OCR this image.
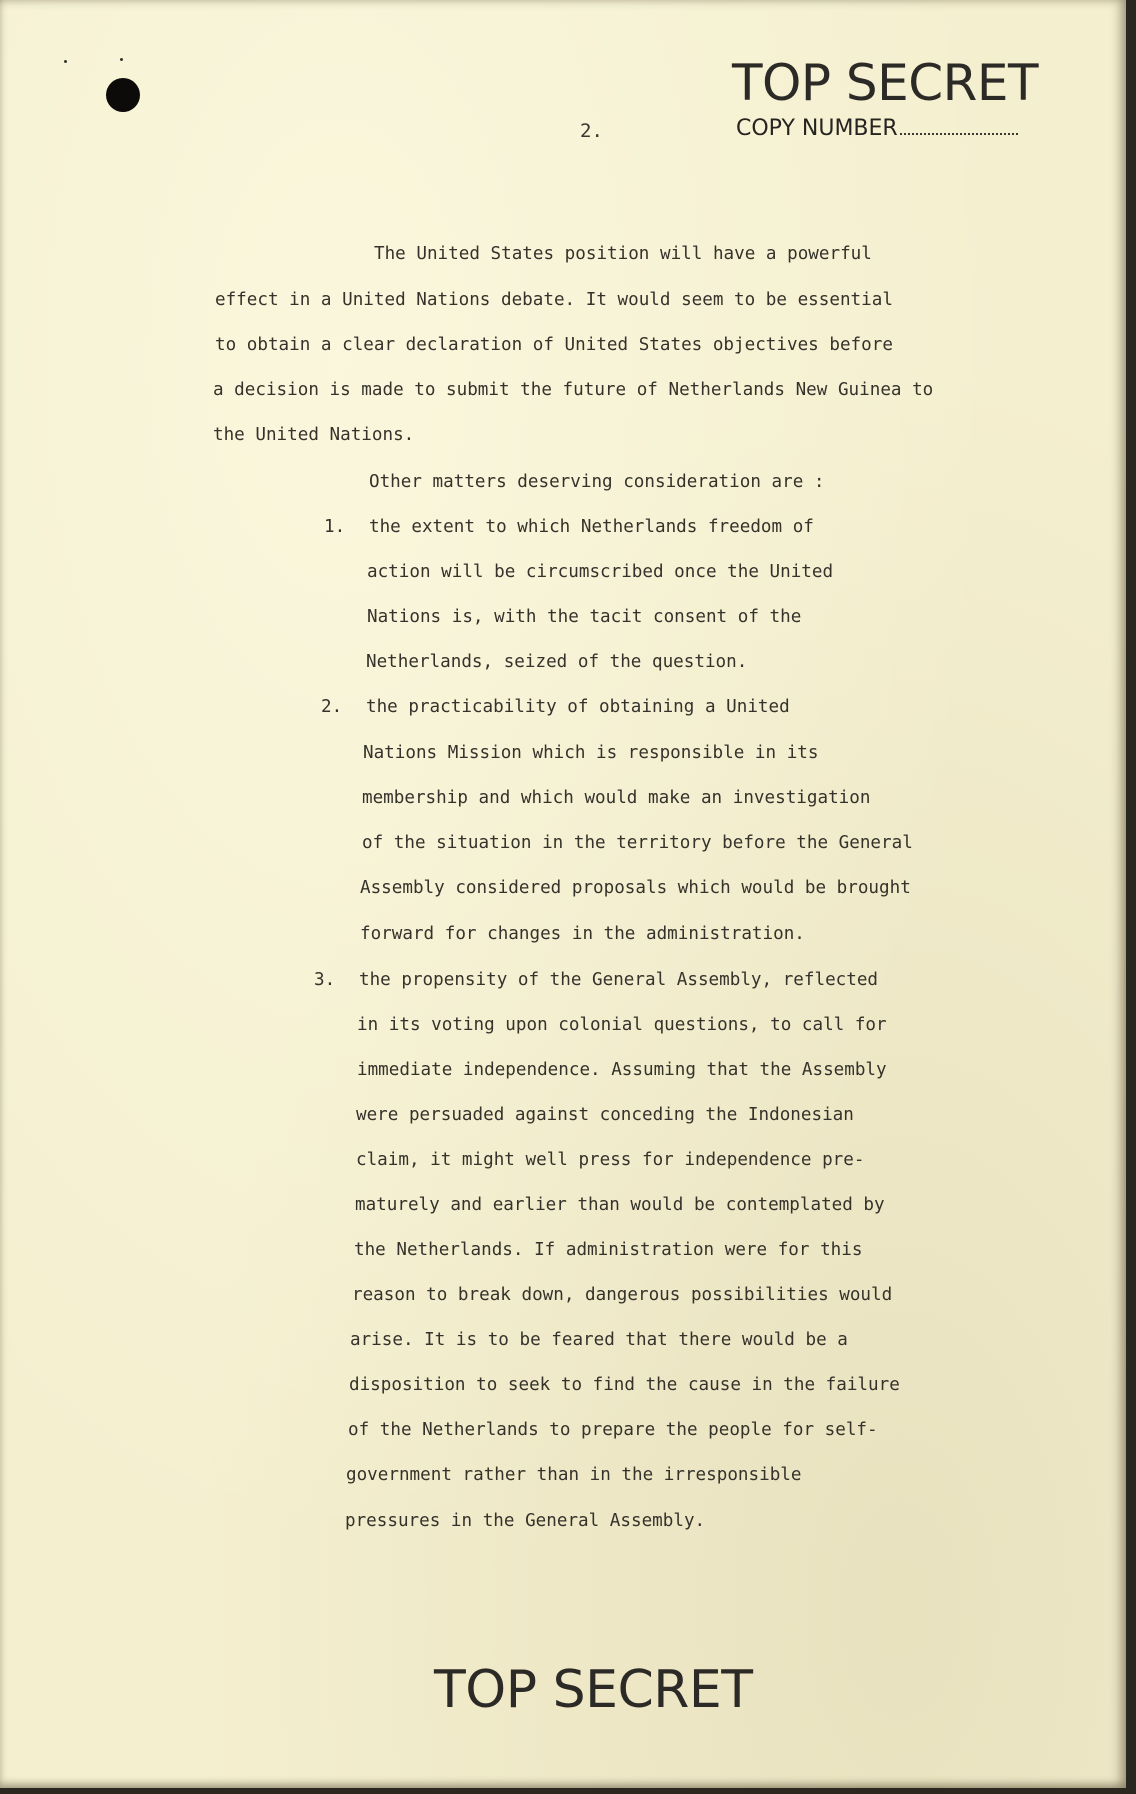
TOP SECRET
2.	COPY NUMBER
The United States position will have a powerful
effect in a United Nations debate. It would seem to be essential
to obtain a clear declaration of United States objectives before
a decision is made to submit the future of Netherlands New Guinea to
the United Nations.
Other matters deserving consideration are :
1. the extent to which Netherlands freedom of
action will be circumscribed once the United
Nations is, with the tacit consent of the
Netherlands, seized of the question.
2. the practicability of obtaining a United
Nations Mission which is responsible in its
membership and which would make an investigation
of the situation in the territory before the General
Assembly considered proposals which would be brought
forward for changes in the administration.
3. the propensity of the General Assembly, reflected
in its voting upon colonial questions, to call for
immediate independence. Assuming that the Assembly
were persuaded against conceding the Indonesian
claim, it might well press for independence pre-
maturely and earlier than would be contemplated by
the Netherlands. If administration were for this
reason to break down, dangerous possibilities would
arise. It is to be feared that there would be a
disposition to seek to find the cause in the failure
of the Netherlands to prepare the people for self-
government rather than in the irresponsible
pressures in the General Assembly.
TOP SECRET
